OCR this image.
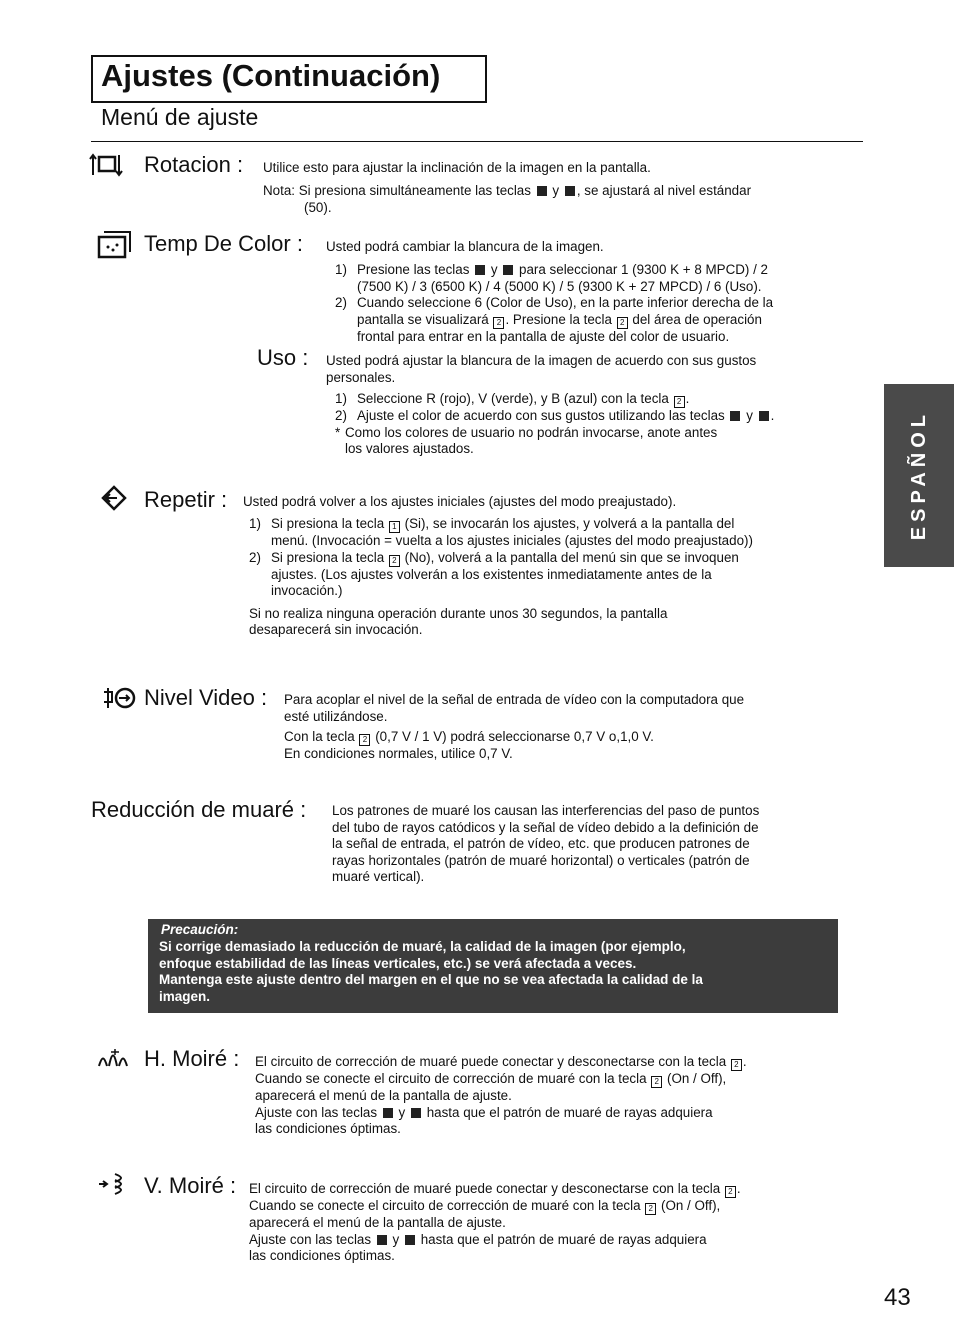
Ajustes (Continuación)
Menú de ajuste
ESPAÑOL
Rotacion : Utilice esto para ajustar la inclinación de la imagen en la pantalla.

Nota: Si presiona simultáneamente las teclas y , se ajustará al nivel estándar

(50).

Temp De Color : Usted podrá cambiar la blancura de la imagen.
1) Presione las teclas y para seleccionar 1 (9300 K + 8 MPCD) / 2

(7500 K) / 3 (6500 K) / 4 (5000 K) / 5 (9300 K + 27 MPCD) / 6 (Uso).

2) Cuando seleccione 6 (Color de Uso), en la parte inferior derecha de la

pantalla se visualizará 2 . Presione la tecla 2 del área de operación

frontal para entrar en la pantalla de ajuste del color de usuario.

Uso : Usted podrá ajustar la blancura de la imagen de acuerdo con sus gustos

personales.

1) Seleccione R (rojo), V (verde), y B (azul) con la tecla 2 .

2) Ajuste el color de acuerdo con sus gustos utilizando las teclas y .

* Como los colores de usuario no podrán invocarse, anote antes

los valores ajustados.

Repetir : Usted podrá volver a los ajustes iniciales (ajustes del modo preajustado).
1) Si presiona la tecla 1 (Si), se invocarán los ajustes, y volverá a la pantalla del

menú. (Invocación = vuelta a los ajustes iniciales (ajustes del modo preajustado))

2) Si presiona la tecla 2 (No), volverá a la pantalla del menú sin que se invoquen

ajustes. (Los ajustes volverán a los existentes inmediatamente antes de la

invocación.)

Si no realiza ninguna operación durante unos 30 segundos, la pantalla

desaparecerá sin invocación.

Nivel Video : Para acoplar el nivel de la señal de entrada de vídeo con la computadora que

esté utilizándose.

Con la tecla 2 (0,7 V / 1 V) podrá seleccionarse 0,7 V o,1,0 V.

En condiciones normales, utilice 0,7 V.

Reducción de muaré : Los patrones de muaré los causan las interferencias del paso de puntos

del tubo de rayos catódicos y la señal de vídeo debido a la definición de

la señal de entrada, el patrón de vídeo, etc. que producen patrones de

rayas horizontales (patrón de muaré horizontal) o verticales (patrón de

muaré vertical).

Precaución:
Si corrige demasiado la reducción de muaré, la calidad de la imagen (por ejemplo,
enfoque estabilidad de las líneas verticales, etc.) se verá afectada a veces.
Mantenga este ajuste dentro del margen en el que no se vea afectada la calidad de la
imagen.
H. Moiré : El circuito de corrección de muaré puede conectar y desconectarse con la tecla 2 .

Cuando se conecte el circuito de corrección de muaré con la tecla 2 (On / Off),

aparecerá el menú de la pantalla de ajuste.

Ajuste con las teclas y hasta que el patrón de muaré de rayas adquiera

las condiciones óptimas.

V. Moiré : El circuito de corrección de muaré puede conectar y desconectarse con la tecla 2 .

Cuando se conecte el circuito de corrección de muaré con la tecla 2 (On / Off),

aparecerá el menú de la pantalla de ajuste.

Ajuste con las teclas y hasta que el patrón de muaré de rayas adquiera

las condiciones óptimas.

43
